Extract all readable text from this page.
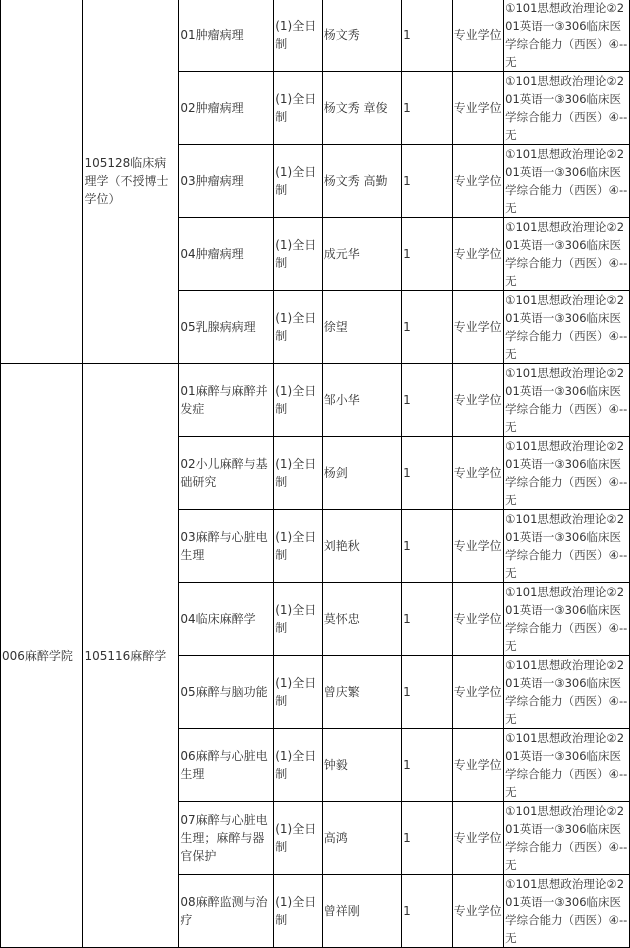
	105128临床病理学（不授博士学位）	01肿瘤病理	(1)全日制	杨文秀	1	专业学位	①101思想政治理论②201英语一③306临床医学综合能力（西医）④--无
		02肿瘤病理	(1)全日制	杨文秀 章俊	1	专业学位	①101思想政治理论②201英语一③306临床医学综合能力（西医）④--无
		03肿瘤病理	(1)全日制	杨文秀 高勤	1	专业学位	①101思想政治理论②201英语一③306临床医学综合能力（西医）④--无
		04肿瘤病理	(1)全日制	成元华	1	专业学位	①101思想政治理论②201英语一③306临床医学综合能力（西医）④--无
		05乳腺病病理	(1)全日制	徐望	1	专业学位	①101思想政治理论②201英语一③306临床医学综合能力（西医）④--无
006麻醉学院	105116麻醉学	01麻醉与麻醉并发症	(1)全日制	邹小华	1	专业学位	①101思想政治理论②201英语一③306临床医学综合能力（西医）④--无
		02小儿麻醉与基础研究	(1)全日制	杨剑	1	专业学位	①101思想政治理论②201英语一③306临床医学综合能力（西医）④--无
		03麻醉与心脏电生理	(1)全日制	刘艳秋	1	专业学位	①101思想政治理论②201英语一③306临床医学综合能力（西医）④--无
		04临床麻醉学	(1)全日制	莫怀忠	1	专业学位	①101思想政治理论②201英语一③306临床医学综合能力（西医）④--无
		05麻醉与脑功能	(1)全日制	曾庆繁	1	专业学位	①101思想政治理论②201英语一③306临床医学综合能力（西医）④--无
		06麻醉与心脏电生理	(1)全日制	钟毅	1	专业学位	①101思想政治理论②201英语一③306临床医学综合能力（西医）④--无
		07麻醉与心脏电生理；麻醉与器官保护	(1)全日制	高鸿	1	专业学位	①101思想政治理论②201英语一③306临床医学综合能力（西医）④--无
		08麻醉监测与治疗	(1)全日制	曾祥刚	1	专业学位	①101思想政治理论②201英语一③306临床医学综合能力（西医）④--无
